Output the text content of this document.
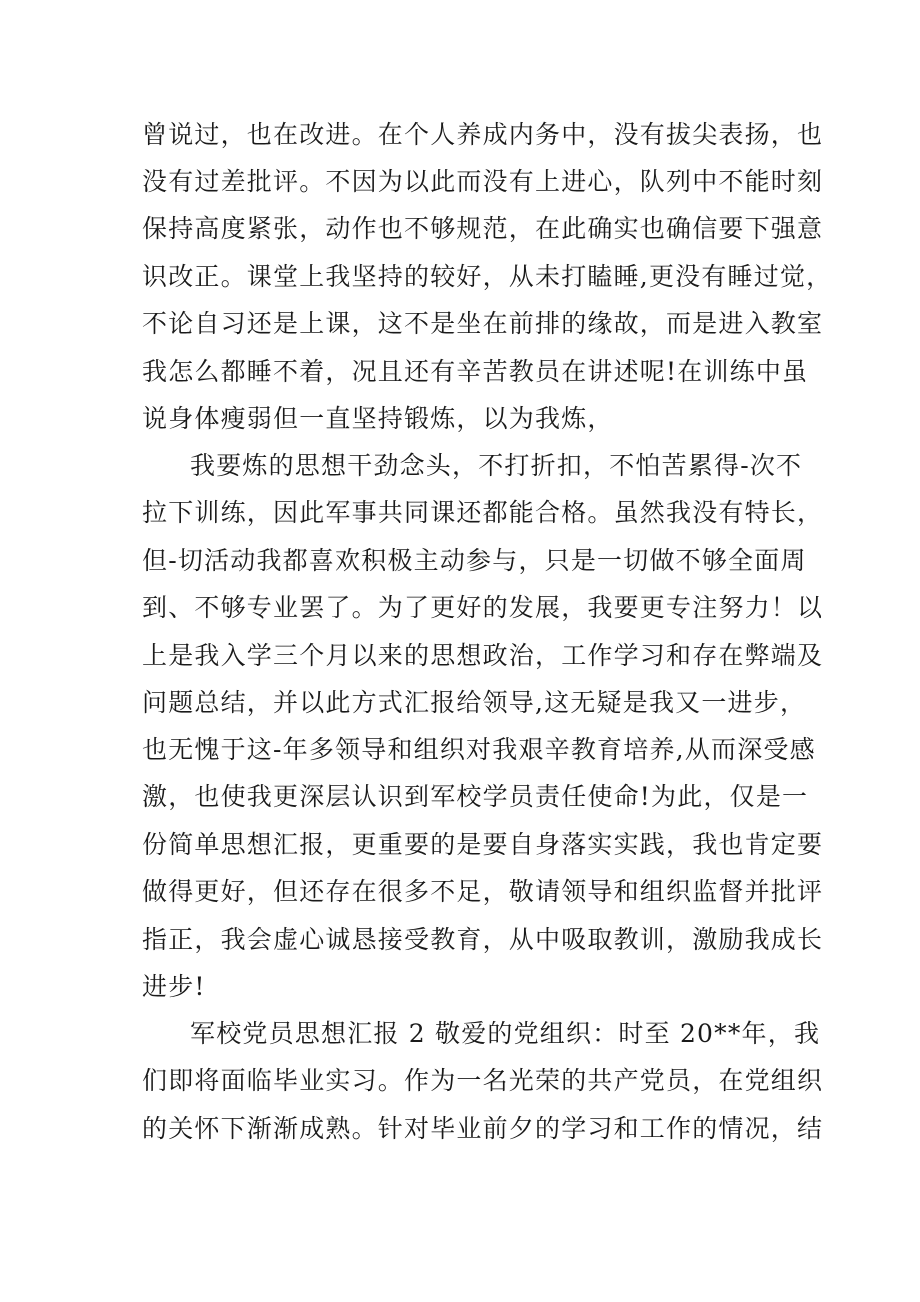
曾说过，也在改进。在个人养成内务中，没有拔尖表扬，也
没有过差批评。不因为以此而没有上进心，队列中不能时刻
保持高度紧张，动作也不够规范，在此确实也确信要下强意
识改正。课堂上我坚持的较好，从未打瞌睡,更没有睡过觉，
不论自习还是上课，这不是坐在前排的缘故，而是进入教室
我怎么都睡不着，况且还有辛苦教员在讲述呢!在训练中虽
说身体瘦弱但一直坚持锻炼，以为我炼，
我要炼的思想干劲念头，不打折扣，不怕苦累得-次不
拉下训练，因此军事共同课还都能合格。虽然我没有特长，
但-切活动我都喜欢积极主动参与，只是一切做不够全面周
到、不够专业罢了。为了更好的发展，我要更专注努力！以
上是我入学三个月以来的思想政治，工作学习和存在弊端及
问题总结，并以此方式汇报给领导,这无疑是我又一进步，
也无愧于这-年多领导和组织对我艰辛教育培养,从而深受感
激，也使我更深层认识到军校学员责任使命!为此，仅是一
份简单思想汇报，更重要的是要自身落实实践，我也肯定要
做得更好，但还存在很多不足，敬请领导和组织监督并批评
指正，我会虚心诚恳接受教育，从中吸取教训，激励我成长
进步!
军校党员思想汇报 2 敬爱的党组织：时至 20**年，我
们即将面临毕业实习。作为一名光荣的共产党员，在党组织
的关怀下渐渐成熟。针对毕业前夕的学习和工作的情况，结
